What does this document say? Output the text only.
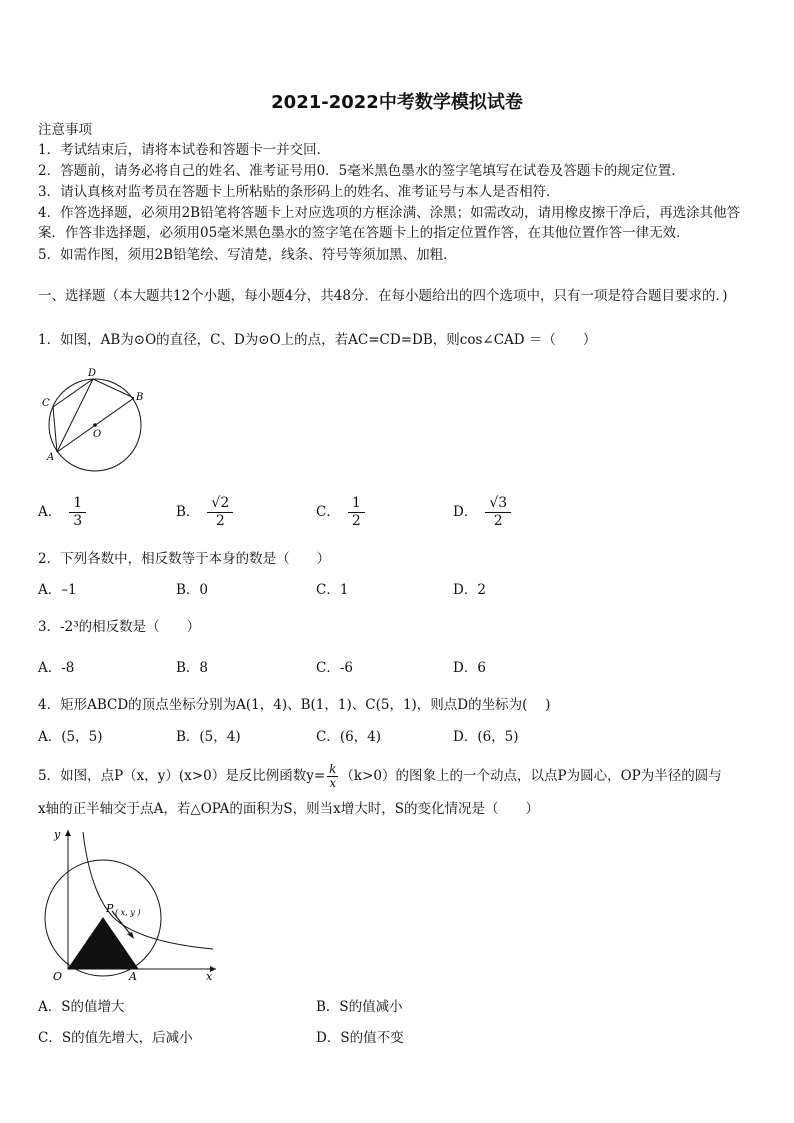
2021-2022中考数学模拟试卷
注意事项
1．考试结束后，请将本试卷和答题卡一并交回．
2．答题前，请务必将自己的姓名、准考证号用0．5毫米黑色墨水的签字笔填写在试卷及答题卡的规定位置．
3．请认真核对监考员在答题卡上所粘贴的条形码上的姓名、准考证号与本人是否相符．
4．作答选择题，必须用2B铅笔将答题卡上对应选项的方框涂满、涂黑；如需改动，请用橡皮擦干净后，再选涂其他答案．作答非选择题，必须用05毫米黑色墨水的签字笔在答题卡上的指定位置作答，在其他位置作答一律无效．
5．如需作图，须用2B铅笔绘、写清楚，线条、符号等须加黑、加粗．
一、选择题（本大题共12个小题，每小题4分，共48分．在每小题给出的四个选项中，只有一项是符合题目要求的．)
1．如图，AB为⊙O的直径，C、D为⊙O上的点，若AC=CD=DB，则cos∠CAD ＝（　　）
D
B
C
A
O
A． $\frac{1}{3}$	B． $\frac{√2}{2}$	C． $\frac{1}{2}$	D． $\frac{√3}{2}$
2．下列各数中，相反数等于本身的数是（　　）
A．–1	B．0	C．1	D．2
3．-2³的相反数是（　　）
A．-8	B．8	C．-6	D．6
4．矩形ABCD的顶点坐标分别为A(1，4)、B(1，1)、C(5，1)，则点D的坐标为(　 )
A．(5，5)	B．(5，4)	C．(6，4)	D．(6，5)
5．如图，点P（x，y）(x>0）是反比例函数$y= \frac{k}{x} (k>0)$的图象上的一个动点，以点P为圆心，OP为半径的圆与
x轴的正半轴交于点A，若△OPA的面积为S，则当x增大时，S的变化情况是（　　）
y
x
O	A
P ( x, y )
A．S的值增大	B．S的值减小
C．S的值先增大，后减小	D．S的值不变
